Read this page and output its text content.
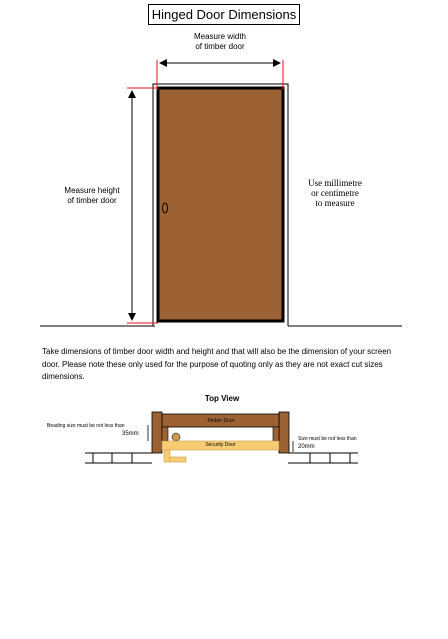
Hinged Door Dimensions
Measure width
of timber door
Measure height
of timber door
Use millimetre
or centimetre
to measure
Take dimensions of timber door width and height and that will also be the dimension of your screen door. Please note these only used for the purpose of quoting only as they are not exact cut sizes dimensions.
Top View
Timber Door
Security Door
Beading size must be not less than
35mm
Size must be not less than
20mm
